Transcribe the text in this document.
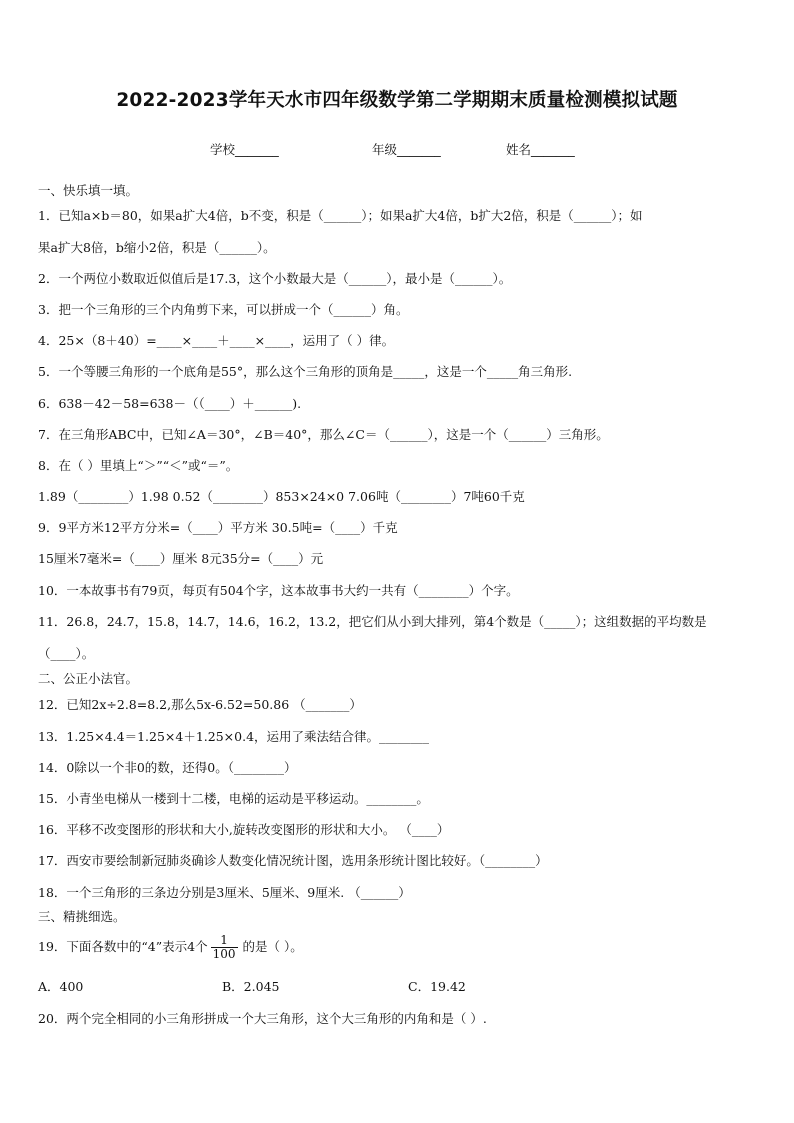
2022-2023学年天水市四年级数学第二学期期末质量检测模拟试题
学校_______	年级_______	姓名_______
一、快乐填一填。
1．已知a×b＝80，如果a扩大4倍，b不变，积是（______）；如果a扩大4倍，b扩大2倍，积是（______）；如
果a扩大8倍，b缩小2倍，积是（______）。
2．一个两位小数取近似值后是17.3，这个小数最大是（______），最小是（______）。
3．把一个三角形的三个内角剪下来，可以拼成一个（______）角。
4．25×（8＋40）=____×____＋____×____，运用了（ ）律。
5．一个等腰三角形的一个底角是55°，那么这个三角形的顶角是_____，这是一个_____角三角形.
6．638－42－58=638－（（____）＋______).
7．在三角形ABC中，已知∠A＝30°，∠B＝40°，那么∠C＝（______），这是一个（______）三角形。
8．在（ ）里填上“＞”“＜”或“＝”。
1.89（________）1.98 0.52（________）853×24×0 7.06吨（________）7吨60千克
9．9平方米12平方分米=（____）平方米 30.5吨=（____）千克
15厘米7毫米=（____）厘米 8元35分=（____）元
10．一本故事书有79页，每页有504个字，这本故事书大约一共有（________）个字。
11．26.8，24.7，15.8，14.7，14.6，16.2，13.2，把它们从小到大排列，第4个数是（_____）；这组数据的平均数是
（____）。
二、公正小法官。
12．已知2x÷2.8=8.2,那么5x-6.52=50.86 （_______）
13．1.25×4.4＝1.25×4＋1.25×0.4，运用了乘法结合律。________
14．0除以一个非0的数，还得0。（________）
15．小青坐电梯从一楼到十二楼，电梯的运动是平移运动。________。
16．平移不改变图形的形状和大小,旋转改变图形的形状和大小。 （____）
17．西安市要绘制新冠肺炎确诊人数变化情况统计图，选用条形统计图比较好。（________）
18．一个三角形的三条边分别是3厘米、5厘米、9厘米. （______）
三、精挑细选。
19．下面各数中的“4”表示4个 $\frac{1}{100}$ 的是（ ）。
A．400	B．2.045	C．19.42
20．两个完全相同的小三角形拼成一个大三角形，这个大三角形的内角和是（ ）.
